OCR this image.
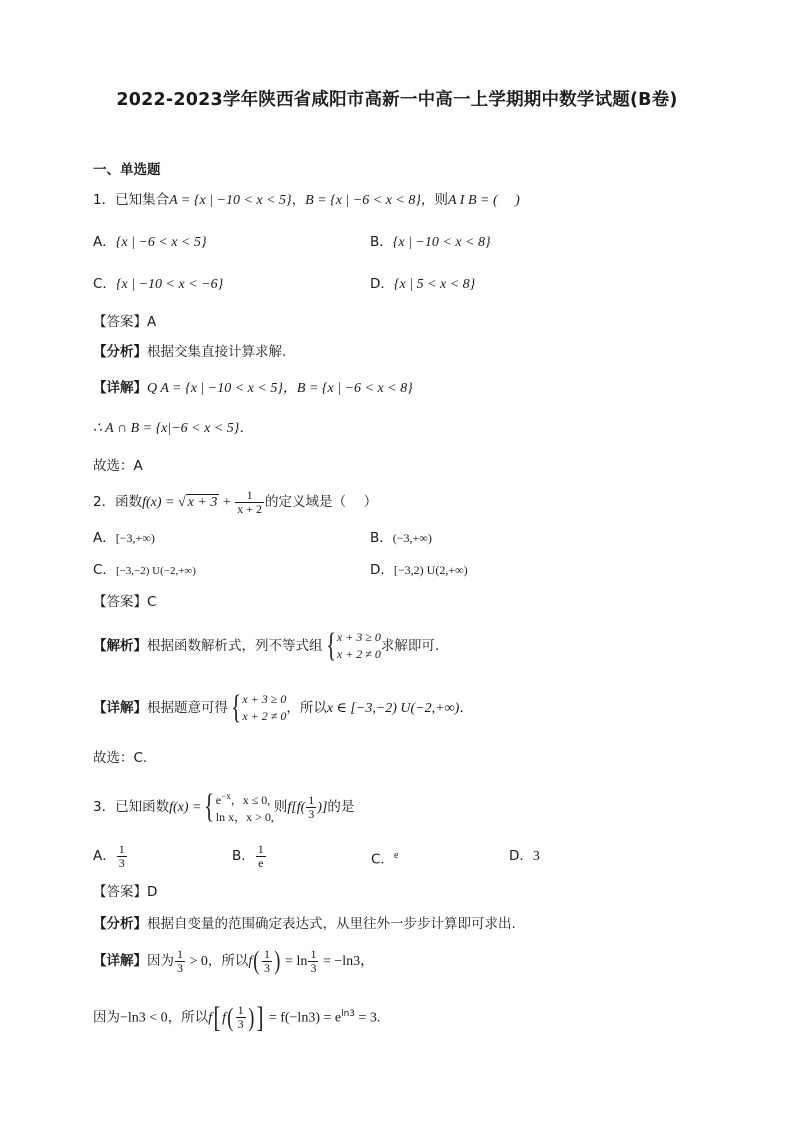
2022-2023学年陕西省咸阳市高新一中高一上学期期中数学试题(B卷)
一、单选题
1．已知集合A = {x | −10 < x < 5}，B = {x | −6 < x < 8}，则A I B = (　 )
A．{x | −6 < x < 5}	B．{x | −10 < x < 8}
C．{x | −10 < x < −6}	D．{x | 5 < x < 8}
【答案】A
【分析】根据交集直接计算求解.
【详解】Q A = {x | −10 < x < 5}，B = {x | −6 < x < 8}
∴ A ∩ B = {x|−6 < x < 5}．
故选：A
2．函数f(x) = √ $x + 3 + \frac{1}{x + 2}$ 的定义域是（　 ）
A．[−3,+∞)	B．(−3,+∞)
C．[−3,−2) U(−2,+∞)	D．[−3,2) U(2,+∞)
【答案】C
【解析】根据函数解析式，列不等式组{ x + 3 ≥ 0
x + 2 ≠ 0 求解即可.
【详解】根据题意可得{ x + 3 ≥ 0
x + 2 ≠ 0 ，所以x ∈ [−3,−2) U(−2,+∞)．
故选：C.
3．已知函数f(x) ={ $e^{-x}$，x ≤ 0,
ln x，x > 0,
则$f[f( \frac{1}{3}$ )]的是
A． $\frac{1}{3}$	B． $\frac{1}{e}$	C．$^e$	D．3
【答案】D
【分析】根据自变量的范围确定表达式，从里往外一步步计算即可求出.
【详解】因为 $\frac{1}{3} > 0$，所以$f( \frac{1}{3}$ ) = $\ln \frac{1}{3} = -\ln 3$，
因为−ln3 < 0，所以f[ $f( \frac{1}{3}$ )] = $f(-\ln 3) = e^{ln3} = 3$.
